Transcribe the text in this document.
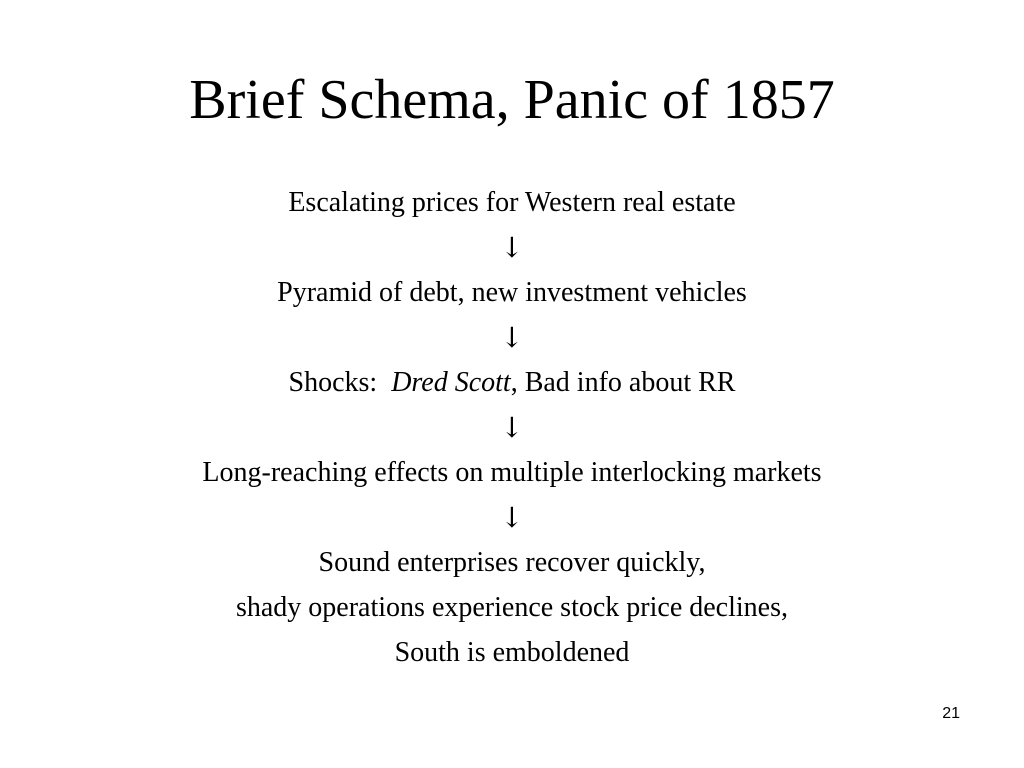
Brief Schema, Panic of 1857
Escalating prices for Western real estate
↓
Pyramid of debt, new investment vehicles
↓
Shocks:  Dred Scott, Bad info about RR
↓
Long-reaching effects on multiple interlocking markets
↓
Sound enterprises recover quickly,
shady operations experience stock price declines,
South is emboldened
21
